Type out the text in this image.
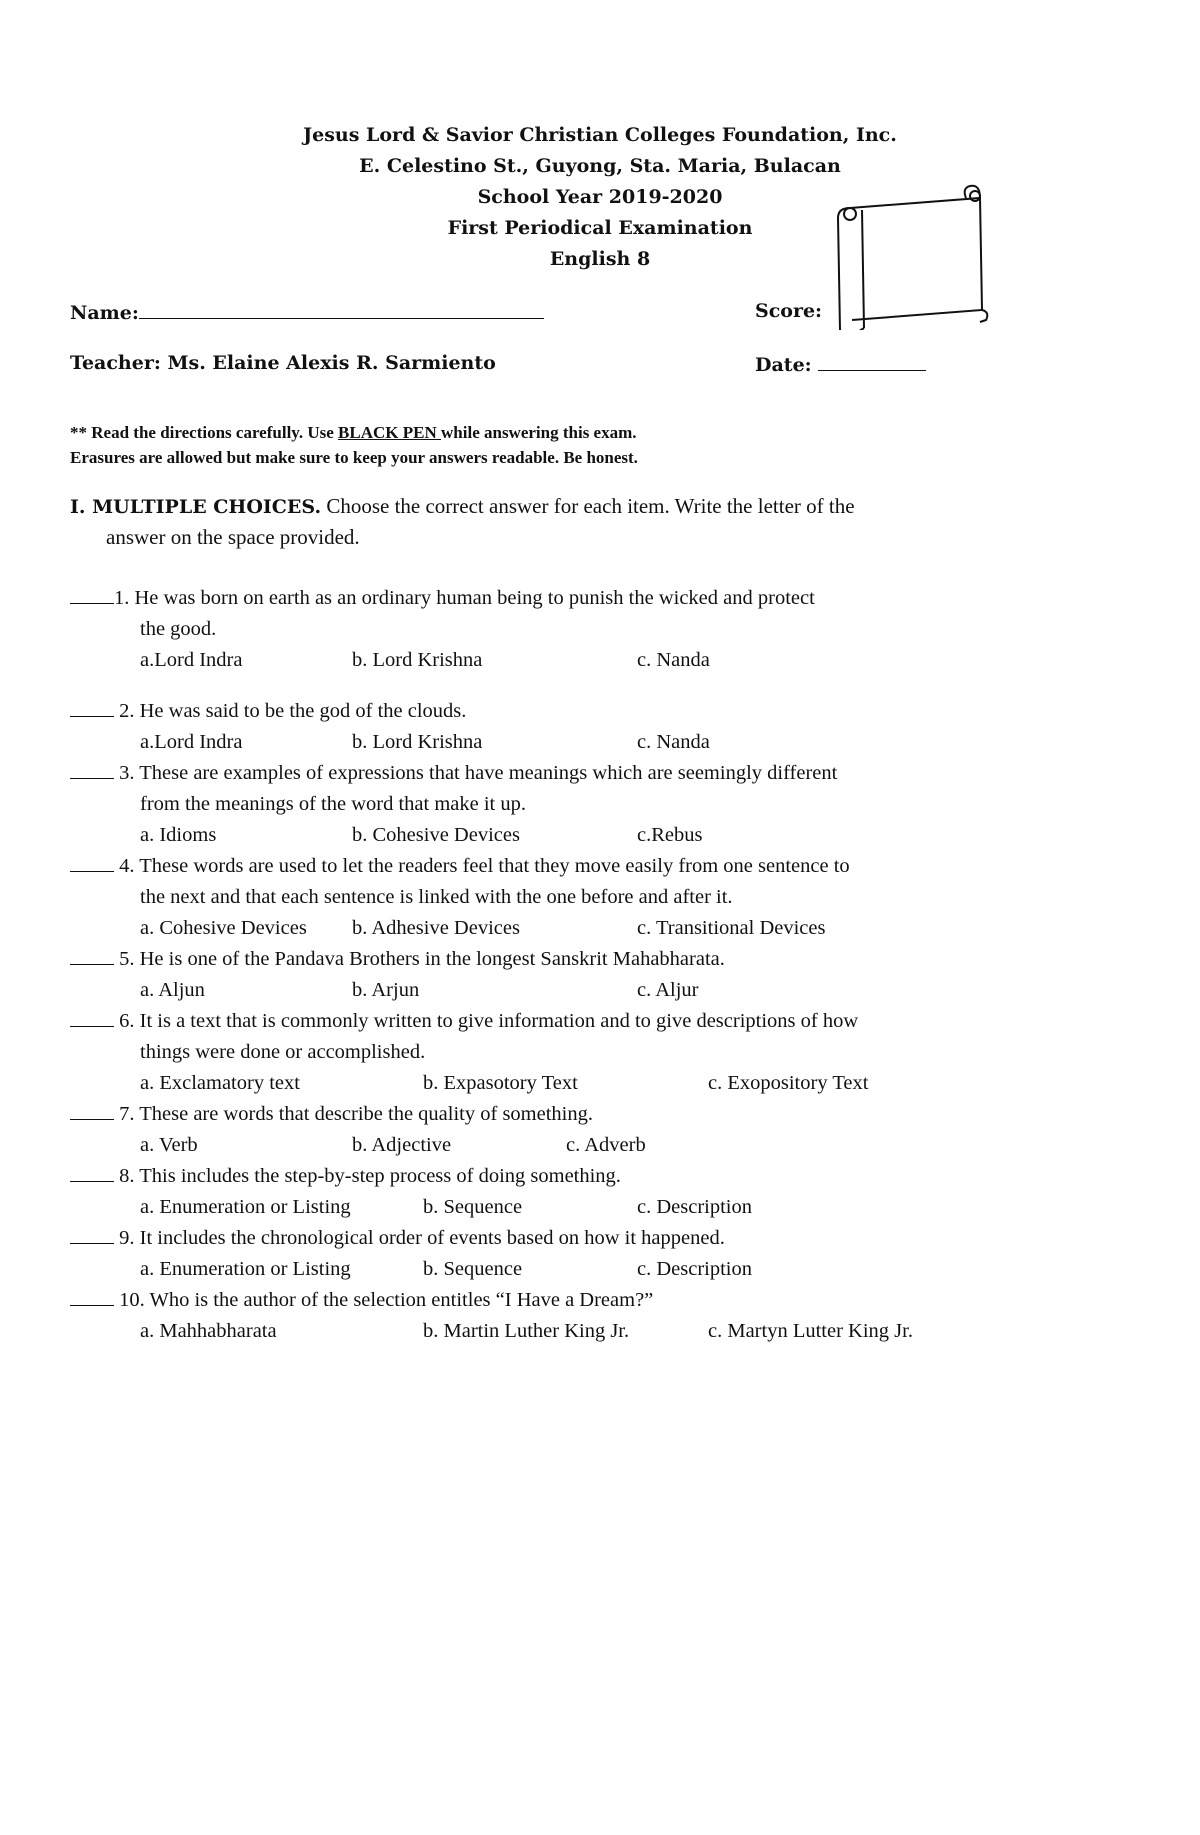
Jesus Lord & Savior Christian Colleges Foundation, Inc.
E. Celestino St., Guyong, Sta. Maria, Bulacan
School Year 2019-2020
First Periodical Examination
English 8
Name:	Score:
Teacher: Ms. Elaine Alexis R. Sarmiento	Date:
** Read the directions carefully. Use BLACK PEN while answering this exam.
Erasures are allowed but make sure to keep your answers readable. Be honest.
I. MULTIPLE CHOICES. Choose the correct answer for each item. Write the letter of the
answer on the space provided.
1. He was born on earth as an ordinary human being to punish the wicked and protect
the good.
a.Lord Indra	b. Lord Krishna	c. Nanda
2. He was said to be the god of the clouds.
a.Lord Indra	b. Lord Krishna	c. Nanda
3. These are examples of expressions that have meanings which are seemingly different
from the meanings of the word that make it up.
a. Idioms	b. Cohesive Devices	c.Rebus
4. These words are used to let the readers feel that they move easily from one sentence to
the next and that each sentence is linked with the one before and after it.
a. Cohesive Devices b. Adhesive Devices	c. Transitional Devices
5. He is one of the Pandava Brothers in the longest Sanskrit Mahabharata.
a. Aljun	b. Arjun	c. Aljur
6. It is a text that is commonly written to give information and to give descriptions of how
things were done or accomplished.
a. Exclamatory text	b. Expasotory Text	c. Exopository Text
7. These are words that describe the quality of something.
a. Verb	b. Adjective	c. Adverb
8. This includes the step-by-step process of doing something.
a. Enumeration or Listing	b. Sequence	c. Description
9. It includes the chronological order of events based on how it happened.
a. Enumeration or Listing	b. Sequence	c. Description
10. Who is the author of the selection entitles “I Have a Dream?”
a. Mahhabharata	b. Martin Luther King Jr.	c. Martyn Lutter King Jr.
